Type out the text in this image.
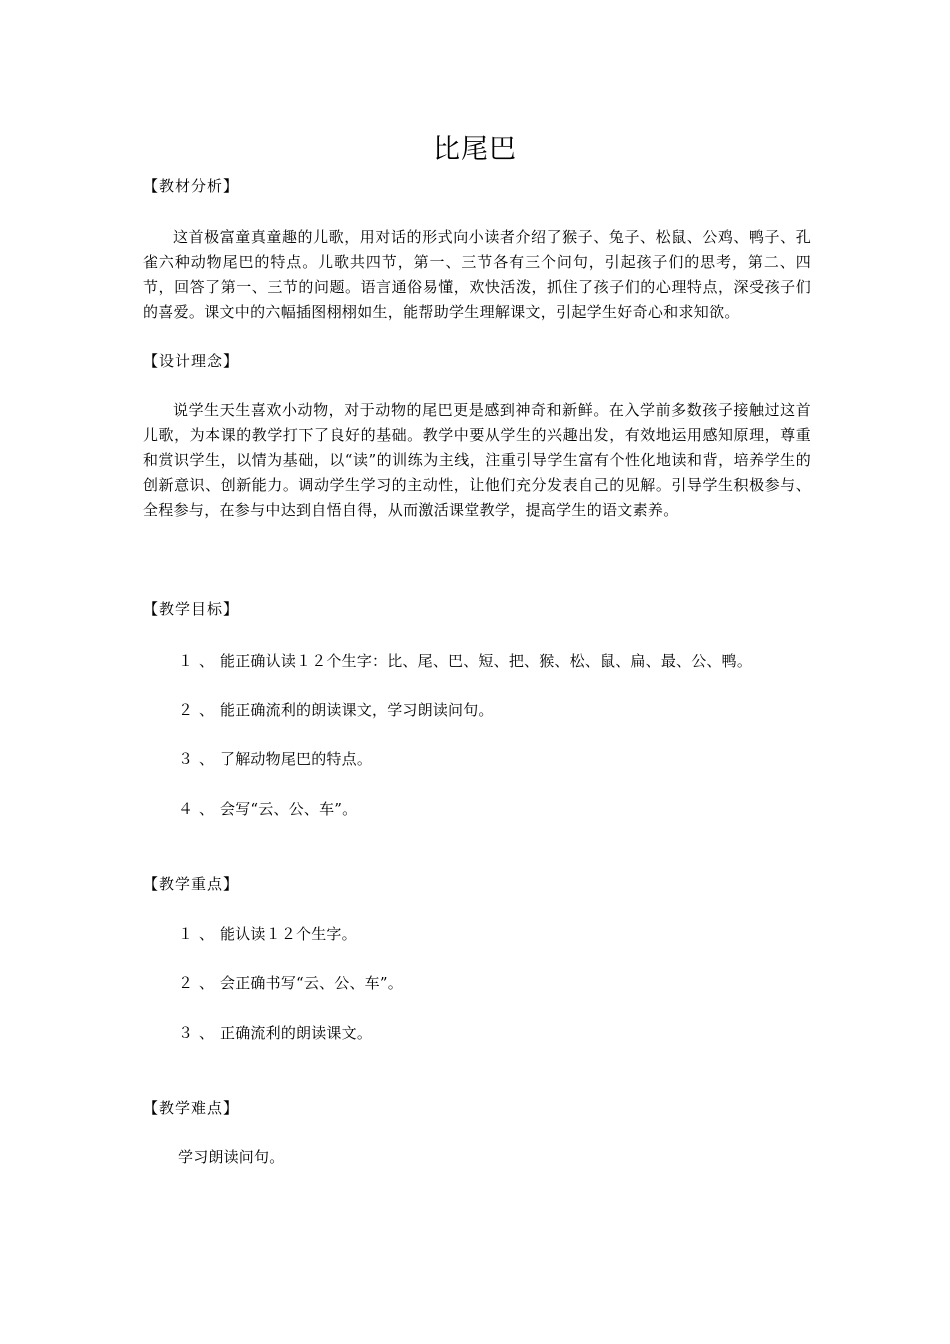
比尾巴
【教材分析】
这首极富童真童趣的儿歌，用对话的形式向小读者介绍了猴子、兔子、松鼠、公鸡、鸭子、孔雀六种动物尾巴的特点。儿歌共四节，第一、三节各有三个问句，引起孩子们的思考，第二、四节，回答了第一、三节的问题。语言通俗易懂，欢快活泼，抓住了孩子们的心理特点，深受孩子们的喜爱。课文中的六幅插图栩栩如生，能帮助学生理解课文，引起学生好奇心和求知欲。
【设计理念】
说学生天生喜欢小动物，对于动物的尾巴更是感到神奇和新鲜。在入学前多数孩子接触过这首儿歌，为本课的教学打下了良好的基础。教学中要从学生的兴趣出发，有效地运用感知原理，尊重和赏识学生，以情为基础，以“读”的训练为主线，注重引导学生富有个性化地读和背，培养学生的创新意识、创新能力。调动学生学习的主动性，让他们充分发表自己的见解。引导学生积极参与、全程参与，在参与中达到自悟自得，从而激活课堂教学，提高学生的语文素养。
【教学目标】
１、能正确认读１２个生字：比、尾、巴、短、把、猴、松、鼠、扁、最、公、鸭。
２、能正确流利的朗读课文，学习朗读问句。
３、了解动物尾巴的特点。
４、会写“云、公、车”。
【教学重点】
１、能认读１２个生字。
２、会正确书写“云、公、车”。
３、正确流利的朗读课文。
【教学难点】
学习朗读问句。
